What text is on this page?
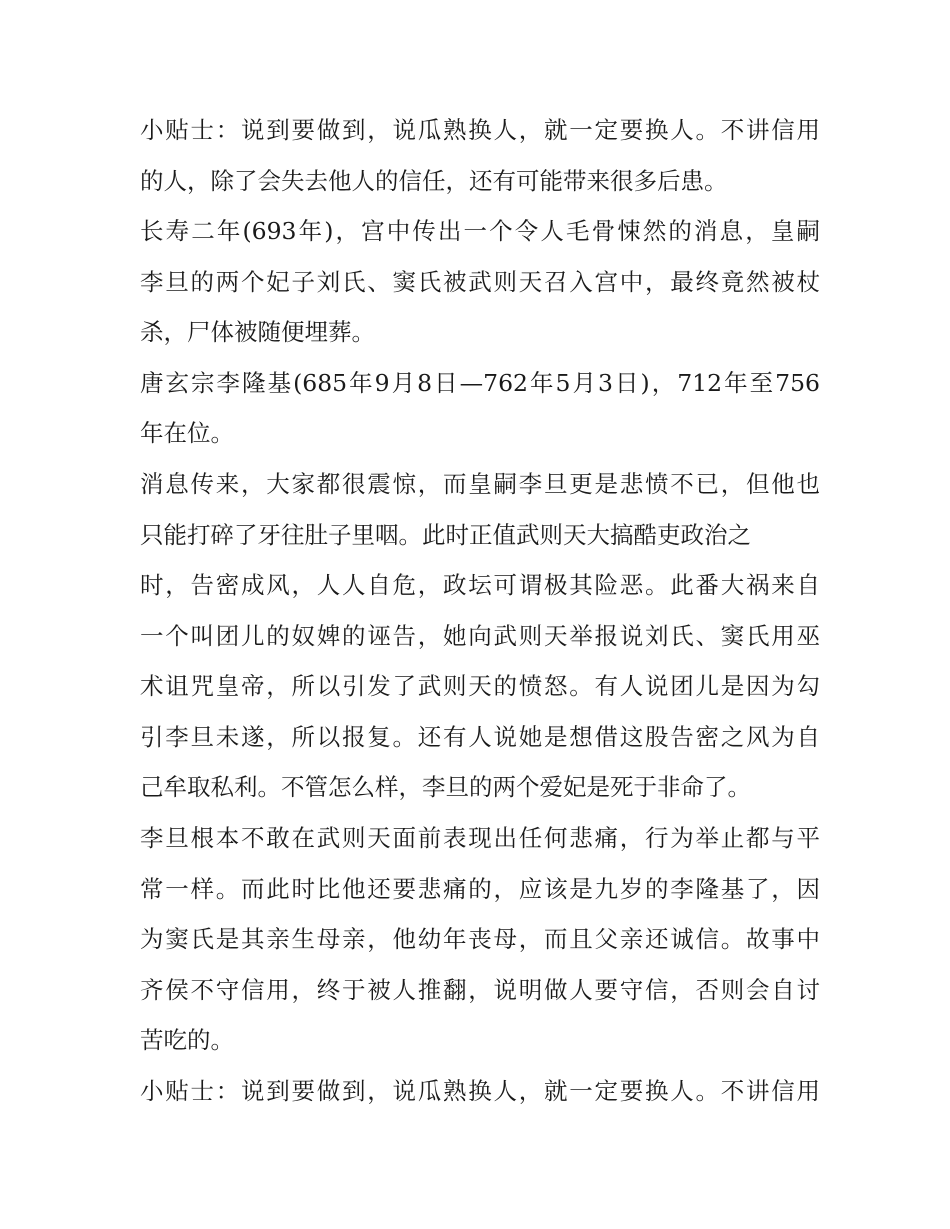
小贴士：说到要做到，说瓜熟换人，就一定要换人。不讲信用
的人，除了会失去他人的信任，还有可能带来很多后患。
长寿二年(693年)，宫中传出一个令人毛骨悚然的消息，皇嗣
李旦的两个妃子刘氏、窦氏被武则天召入宫中，最终竟然被杖
杀，尸体被随便埋葬。
唐玄宗李隆基(685年9月8日—762年5月3日)，712年至756
年在位。
消息传来，大家都很震惊，而皇嗣李旦更是悲愤不已，但他也
只能打碎了牙往肚子里咽。此时正值武则天大搞酷吏政治之
时，告密成风，人人自危，政坛可谓极其险恶。此番大祸来自
一个叫团儿的奴婢的诬告，她向武则天举报说刘氏、窦氏用巫
术诅咒皇帝，所以引发了武则天的愤怒。有人说团儿是因为勾
引李旦未遂，所以报复。还有人说她是想借这股告密之风为自
己牟取私利。不管怎么样，李旦的两个爱妃是死于非命了。
李旦根本不敢在武则天面前表现出任何悲痛，行为举止都与平
常一样。而此时比他还要悲痛的，应该是九岁的李隆基了，因
为窦氏是其亲生母亲，他幼年丧母，而且父亲还诚信。故事中
齐侯不守信用，终于被人推翻，说明做人要守信，否则会自讨
苦吃的。
小贴士：说到要做到，说瓜熟换人，就一定要换人。不讲信用
